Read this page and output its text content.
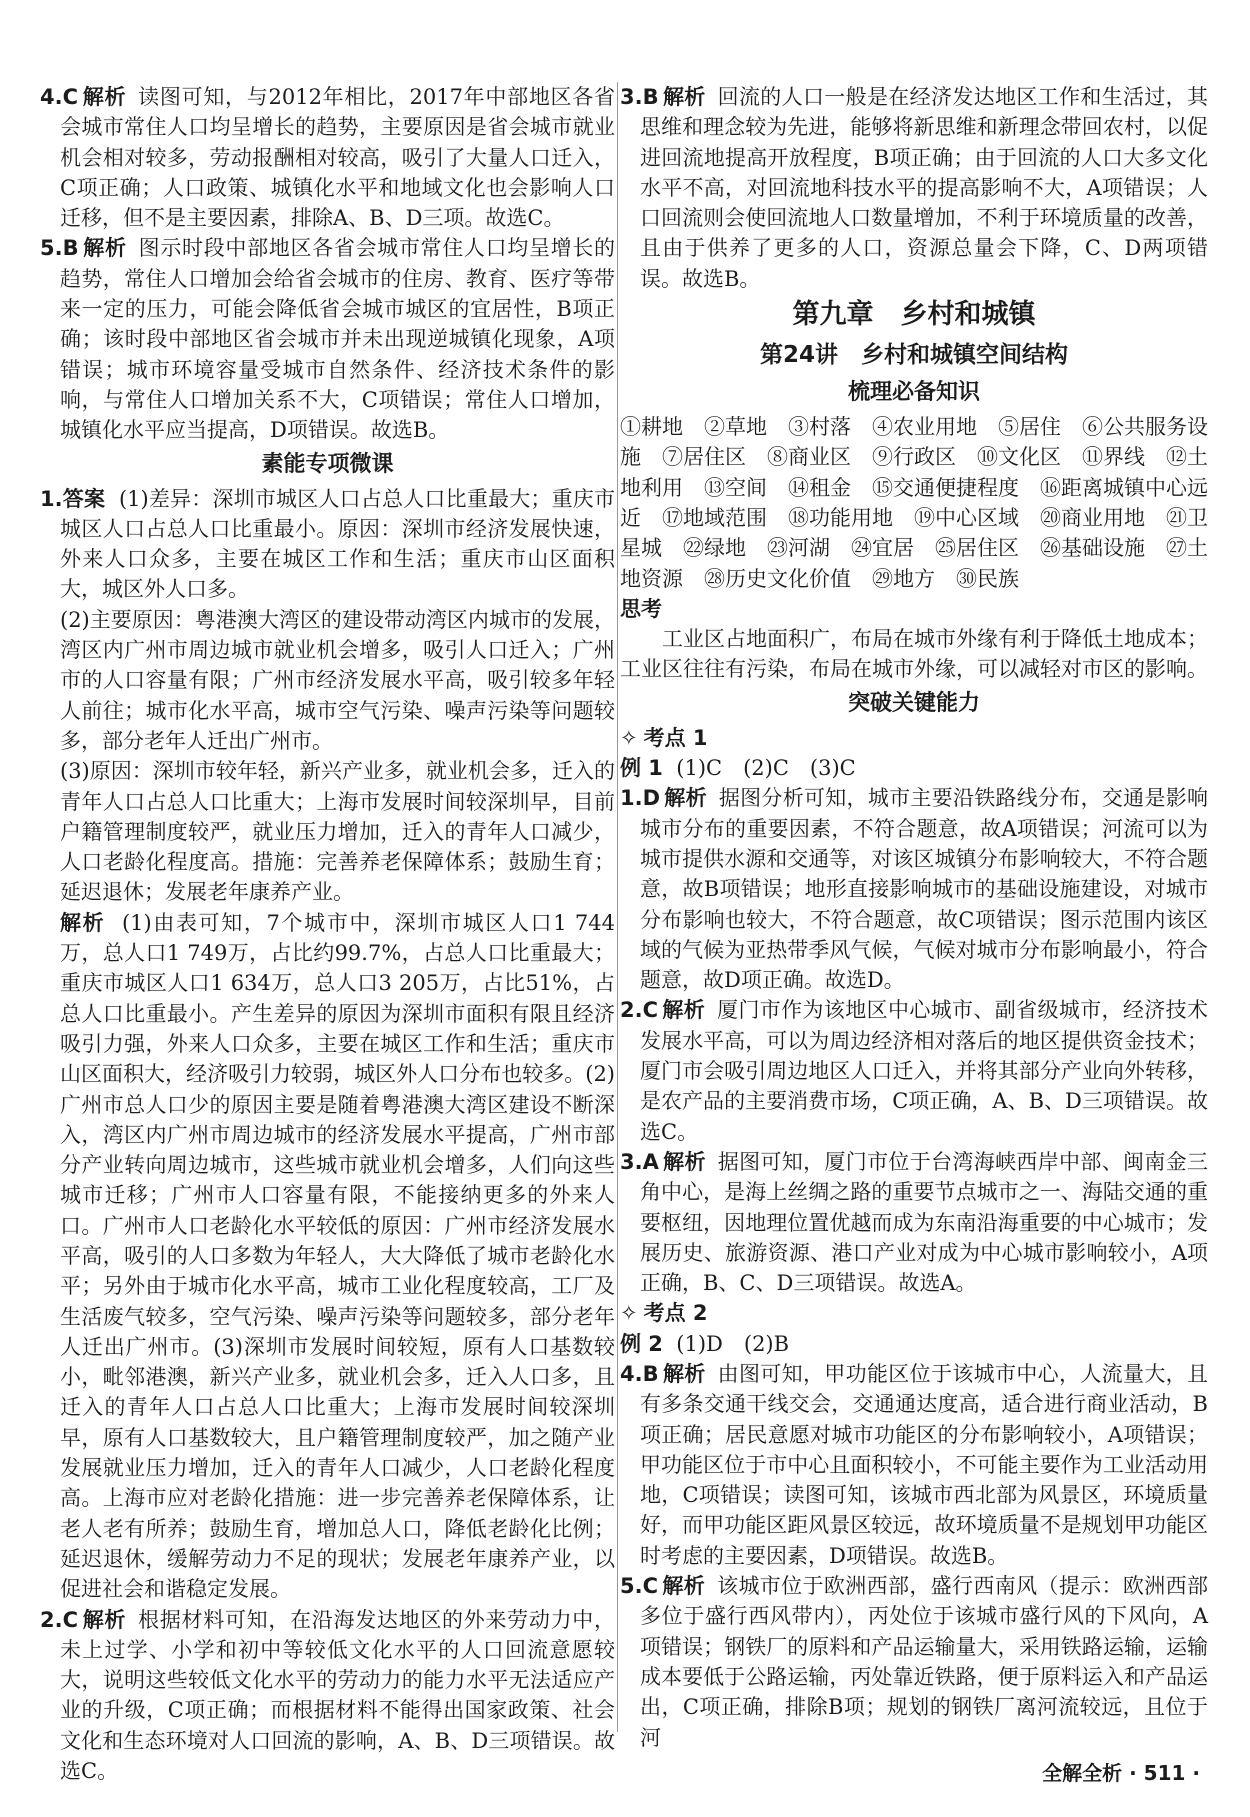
4.C 解析 读图可知，与2012年相比，2017年中部地区各省会城市常住人口均呈增长的趋势，主要原因是省会城市就业机会相对较多，劳动报酬相对较高，吸引了大量人口迁入，C项正确；人口政策、城镇化水平和地域文化也会影响人口迁移，但不是主要因素，排除A、B、D三项。故选C。

5.B 解析 图示时段中部地区各省会城市常住人口均呈增长的趋势，常住人口增加会给省会城市的住房、教育、医疗等带来一定的压力，可能会降低省会城市城区的宜居性，B项正确；该时段中部地区省会城市并未出现逆城镇化现象，A项错误；城市环境容量受城市自然条件、经济技术条件的影响，与常住人口增加关系不大，C项错误；常住人口增加，城镇化水平应当提高，D项错误。故选B。

素能专项微课

1.答案 (1)差异：深圳市城区人口占总人口比重最大；重庆市城区人口占总人口比重最小。原因：深圳市经济发展快速，外来人口众多，主要在城区工作和生活；重庆市山区面积大，城区外人口多。

(2)主要原因：粤港澳大湾区的建设带动湾区内城市的发展，湾区内广州市周边城市就业机会增多，吸引人口迁入；广州市的人口容量有限；广州市经济发展水平高，吸引较多年轻人前往；城市化水平高，城市空气污染、噪声污染等问题较多，部分老年人迁出广州市。

(3)原因：深圳市较年轻，新兴产业多，就业机会多，迁入的青年人口占总人口比重大；上海市发展时间较深圳早，目前户籍管理制度较严，就业压力增加，迁入的青年人口减少，人口老龄化程度高。措施：完善养老保障体系；鼓励生育；延迟退休；发展老年康养产业。

解析 (1)由表可知，7个城市中，深圳市城区人口1 744万，总人口1 749万，占比约99.7%，占总人口比重最大；重庆市城区人口1 634万，总人口3 205万，占比51%，占总人口比重最小。产生差异的原因为深圳市面积有限且经济吸引力强，外来人口众多，主要在城区工作和生活；重庆市山区面积大，经济吸引力较弱，城区外人口分布也较多。(2)广州市总人口少的原因主要是随着粤港澳大湾区建设不断深入，湾区内广州市周边城市的经济发展水平提高，广州市部分产业转向周边城市，这些城市就业机会增多，人们向这些城市迁移；广州市人口容量有限，不能接纳更多的外来人口。广州市人口老龄化水平较低的原因：广州市经济发展水平高，吸引的人口多数为年轻人，大大降低了城市老龄化水平；另外由于城市化水平高，城市工业化程度较高，工厂及生活废气较多，空气污染、噪声污染等问题较多，部分老年人迁出广州市。(3)深圳市发展时间较短，原有人口基数较小，毗邻港澳，新兴产业多，就业机会多，迁入人口多，且迁入的青年人口占总人口比重大；上海市发展时间较深圳早，原有人口基数较大，且户籍管理制度较严，加之随产业发展就业压力增加，迁入的青年人口减少，人口老龄化程度高。上海市应对老龄化措施：进一步完善养老保障体系，让老人老有所养；鼓励生育，增加总人口，降低老龄化比例；延迟退休，缓解劳动力不足的现状；发展老年康养产业，以促进社会和谐稳定发展。

2.C 解析 根据材料可知，在沿海发达地区的外来劳动力中，未上过学、小学和初中等较低文化水平的人口回流意愿较大，说明这些较低文化水平的劳动力的能力水平无法适应产业的升级，C项正确；而根据材料不能得出国家政策、社会文化和生态环境对人口回流的影响，A、B、D三项错误。故选C。

3.B 解析 回流的人口一般是在经济发达地区工作和生活过，其思维和理念较为先进，能够将新思维和新理念带回农村，以促进回流地提高开放程度，B项正确；由于回流的人口大多文化水平不高，对回流地科技水平的提高影响不大，A项错误；人口回流则会使回流地人口数量增加，不利于环境质量的改善，且由于供养了更多的人口，资源总量会下降，C、D两项错误。故选B。

第九章　乡村和城镇
第24讲　乡村和城镇空间结构
梳理必备知识

①耕地　②草地　③村落　④农业用地　⑤居住　⑥公共服务设施　⑦居住区　⑧商业区　⑨行政区　⑩文化区　⑪界线　⑫土地利用　⑬空间　⑭租金　⑮交通便捷程度　⑯距离城镇中心远近　⑰地域范围　⑱功能用地　⑲中心区域　⑳商业用地　㉑卫星城　㉒绿地　㉓河湖　㉔宜居　㉕居住区　㉖基础设施　㉗土地资源　㉘历史文化价值　㉙地方　㉚民族

思考

工业区占地面积广，布局在城市外缘有利于降低土地成本；工业区往往有污染，布局在城市外缘，可以减轻对市区的影响。

突破关键能力

✧ 考点 1

例 1 (1)C　(2)C　(3)C

1.D 解析 据图分析可知，城市主要沿铁路线分布，交通是影响城市分布的重要因素，不符合题意，故A项错误；河流可以为城市提供水源和交通等，对该区城镇分布影响较大，不符合题意，故B项错误；地形直接影响城市的基础设施建设，对城市分布影响也较大，不符合题意，故C项错误；图示范围内该区域的气候为亚热带季风气候，气候对城市分布影响最小，符合题意，故D项正确。故选D。

2.C 解析 厦门市作为该地区中心城市、副省级城市，经济技术发展水平高，可以为周边经济相对落后的地区提供资金技术；厦门市会吸引周边地区人口迁入，并将其部分产业向外转移，是农产品的主要消费市场，C项正确，A、B、D三项错误。故选C。

3.A 解析 据图可知，厦门市位于台湾海峡西岸中部、闽南金三角中心，是海上丝绸之路的重要节点城市之一、海陆交通的重要枢纽，因地理位置优越而成为东南沿海重要的中心城市；发展历史、旅游资源、港口产业对成为中心城市影响较小，A项正确，B、C、D三项错误。故选A。

✧ 考点 2

例 2 (1)D　(2)B

4.B 解析 由图可知，甲功能区位于该城市中心，人流量大，且有多条交通干线交会，交通通达度高，适合进行商业活动，B项正确；居民意愿对城市功能区的分布影响较小，A项错误；甲功能区位于市中心且面积较小，不可能主要作为工业活动用地，C项错误；读图可知，该城市西北部为风景区，环境质量好，而甲功能区距风景区较远，故环境质量不是规划甲功能区时考虑的主要因素，D项错误。故选B。

5.C 解析 该城市位于欧洲西部，盛行西南风（提示：欧洲西部多位于盛行西风带内），丙处位于该城市盛行风的下风向，A项错误；钢铁厂的原料和产品运输量大，采用铁路运输，运输成本要低于公路运输，丙处靠近铁路，便于原料运入和产品运出，C项正确，排除B项；规划的钢铁厂离河流较远，且位于河

全解全析 · 511 ·
